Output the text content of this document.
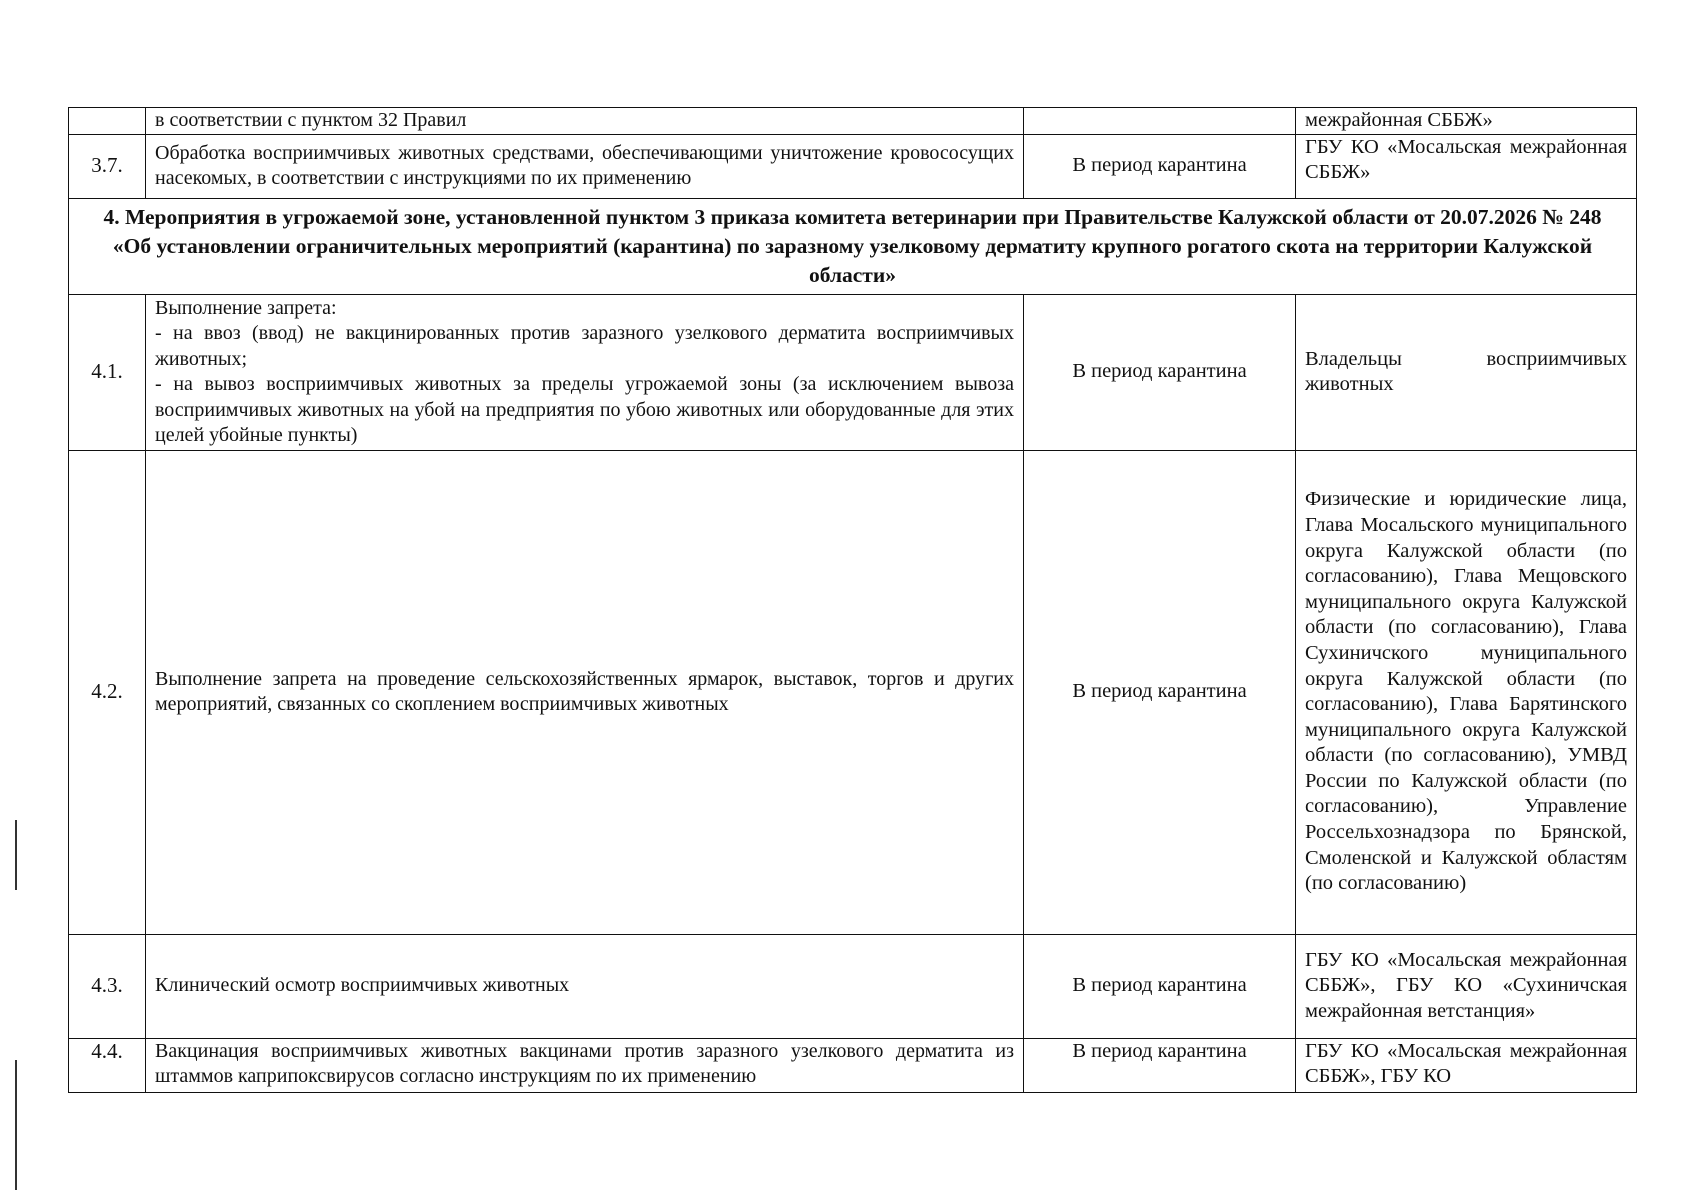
	в соответствии с пунктом 32 Правил		межрайонная СББЖ»
3.7.	Обработка восприимчивых животных средствами, обеспечивающими уничтожение кровососущих насекомых, в соответствии с инструкциями по их применению	В период карантина	ГБУ КО «Мосальская межрайонная СББЖ»
4. Мероприятия в угрожаемой зоне, установленной пунктом 3 приказа комитета ветеринарии при Правительстве Калужской области от 20.07.2026 № 248 «Об установлении ограничительных мероприятий (карантина) по заразному узелковому дерматиту крупного рогатого скота на территории Калужской области»			
4.1.	Выполнение запрета:

- на ввоз (ввод) не вакцинированных против заразного узелкового дерматита восприимчивых животных;

- на вывоз восприимчивых животных за пределы угрожаемой зоны (за исключением вывоза восприимчивых животных на убой на предприятия по убою животных или оборудованные для этих целей убойные пункты)	В период карантина	Владельцы восприимчивых животных
4.2.	Выполнение запрета на проведение сельскохозяйственных ярмарок, выставок, торгов и других мероприятий, связанных со скоплением восприимчивых животных	В период карантина	Физические и юридические лица, Глава Мосальского муниципального округа Калужской области (по согласованию), Глава Мещовского муниципального округа Калужской области (по согласованию), Глава Сухиничского муниципального округа Калужской области (по согласованию), Глава Барятинского муниципального округа Калужской области (по согласованию), УМВД России по Калужской области (по согласованию), Управление Россельхознадзора по Брянской, Смоленской и Калужской областям (по согласованию)
4.3.	Клинический осмотр восприимчивых животных	В период карантина	ГБУ КО «Мосальская межрайонная СББЖ», ГБУ КО «Сухиничская межрайонная ветстанция»
4.4.	Вакцинация восприимчивых животных вакцинами против заразного узелкового дерматита из штаммов каприпоксвирусов согласно инструкциям по их применению	В период карантина	ГБУ КО «Мосальская межрайонная СББЖ», ГБУ КО
